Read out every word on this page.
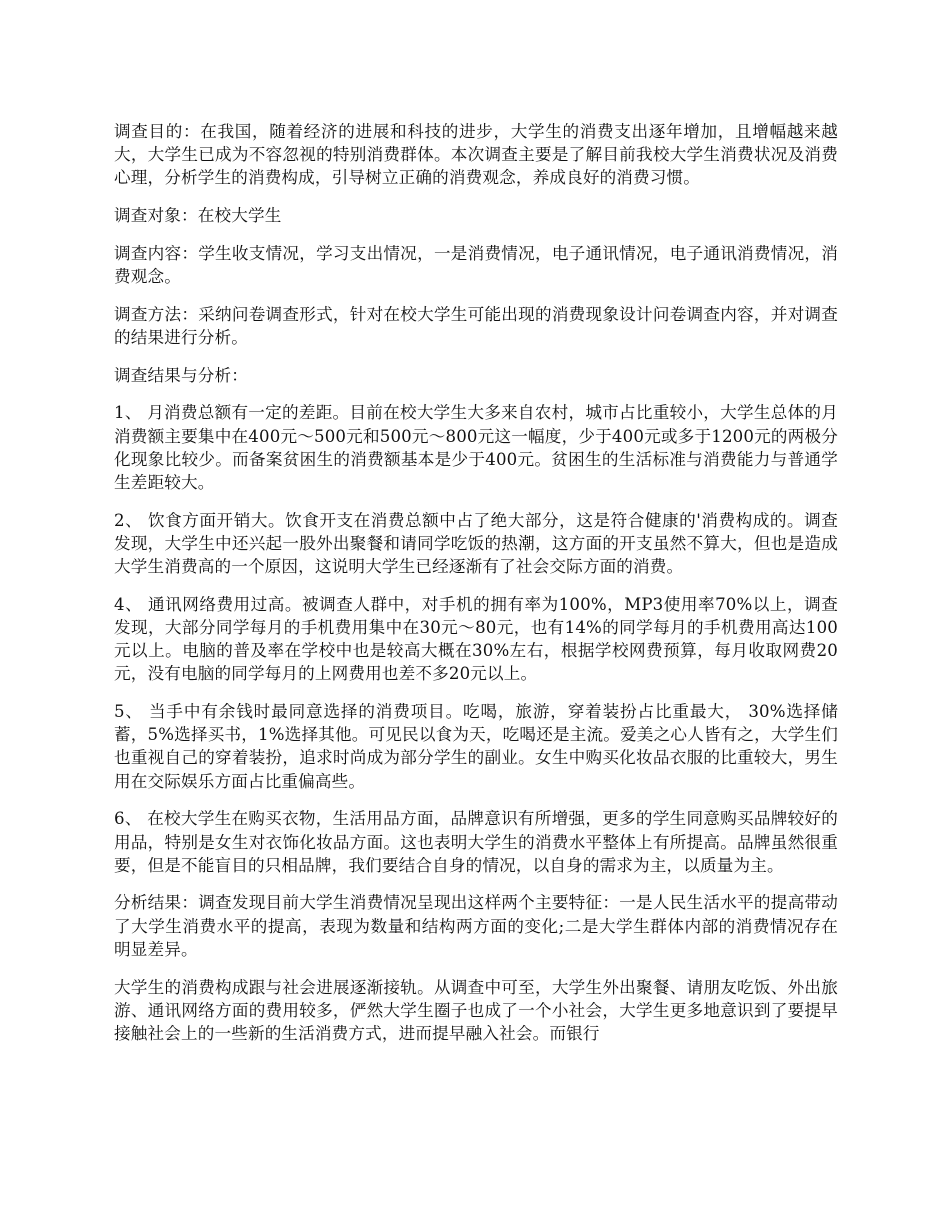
调查目的：在我国，随着经济的进展和科技的进步，大学生的消费支出逐年增加，且增幅越来越大，大学生已成为不容忽视的特别消费群体。本次调查主要是了解目前我校大学生消费状况及消费心理，分析学生的消费构成，引导树立正确的消费观念，养成良好的消费习惯。

调查对象：在校大学生

调查内容：学生收支情况，学习支出情况，一是消费情况，电子通讯情况，电子通讯消费情况，消费观念。

调查方法：采纳问卷调查形式，针对在校大学生可能出现的消费现象设计问卷调查内容，并对调查的结果进行分析。

调查结果与分析：

1、 月消费总额有一定的差距。目前在校大学生大多来自农村，城市占比重较小，大学生总体的月消费额主要集中在400元～500元和500元～800元这一幅度，少于400元或多于1200元的两极分化现象比较少。而备案贫困生的消费额基本是少于400元。贫困生的生活标准与消费能力与普通学生差距较大。

2、 饮食方面开销大。饮食开支在消费总额中占了绝大部分，这是符合健康的'消费构成的。调查发现，大学生中还兴起一股外出聚餐和请同学吃饭的热潮，这方面的开支虽然不算大，但也是造成大学生消费高的一个原因，这说明大学生已经逐渐有了社会交际方面的消费。

4、 通讯网络费用过高。被调查人群中，对手机的拥有率为100%，MP3使用率70%以上，调查发现，大部分同学每月的手机费用集中在30元～80元，也有14%的同学每月的手机费用高达100元以上。电脑的普及率在学校中也是较高大概在30%左右，根据学校网费预算，每月收取网费20元，没有电脑的同学每月的上网费用也差不多20元以上。

5、 当手中有余钱时最同意选择的消费项目。吃喝，旅游，穿着装扮占比重最大， 30%选择储蓄，5%选择买书，1%选择其他。可见民以食为天，吃喝还是主流。爱美之心人皆有之，大学生们也重视自己的穿着装扮，追求时尚成为部分学生的副业。女生中购买化妆品衣服的比重较大，男生用在交际娱乐方面占比重偏高些。

6、 在校大学生在购买衣物，生活用品方面，品牌意识有所增强，更多的学生同意购买品牌较好的用品，特别是女生对衣饰化妆品方面。这也表明大学生的消费水平整体上有所提高。品牌虽然很重要，但是不能盲目的只相品牌，我们要结合自身的情况，以自身的需求为主，以质量为主。

分析结果：调查发现目前大学生消费情况呈现出这样两个主要特征：一是人民生活水平的提高带动了大学生消费水平的提高，表现为数量和结构两方面的变化;二是大学生群体内部的消费情况存在明显差异。

大学生的消费构成跟与社会进展逐渐接轨。从调查中可至，大学生外出聚餐、请朋友吃饭、外出旅游、通讯网络方面的费用较多，俨然大学生圈子也成了一个小社会，大学生更多地意识到了要提早接触社会上的一些新的生活消费方式，进而提早融入社会。而银行
